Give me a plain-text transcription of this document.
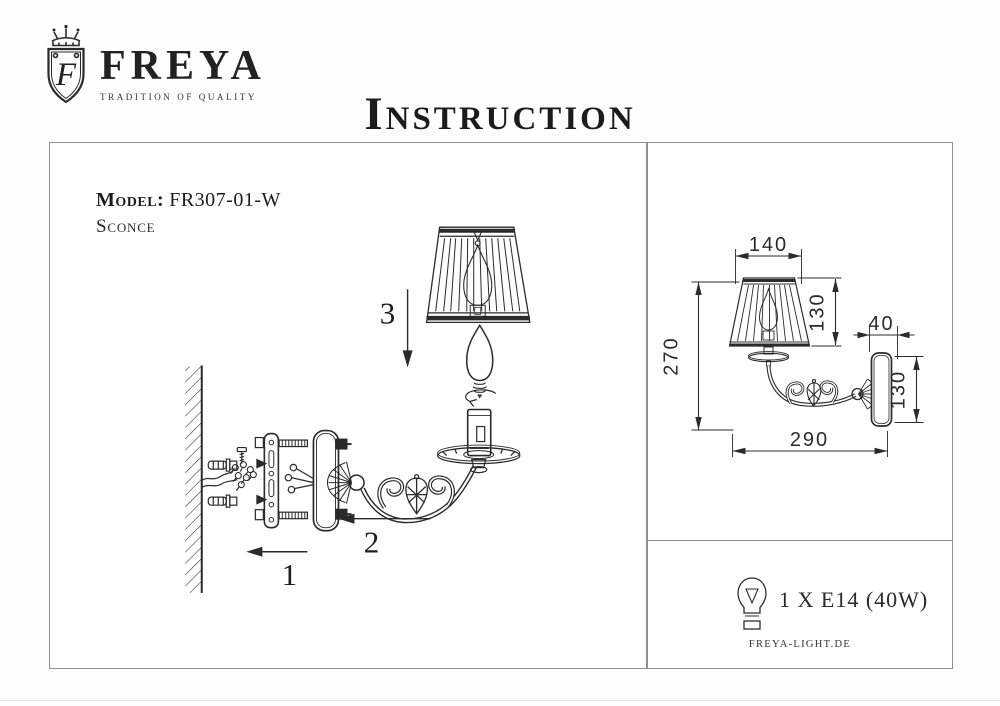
F FREYA
TRADITION OF QUALITY	Instruction
Model: FR307-01-W
Sconce
3
2
1
140
130 40
270
130
290
1 X E14 (40W)
FREYA-LIGHT.DE
